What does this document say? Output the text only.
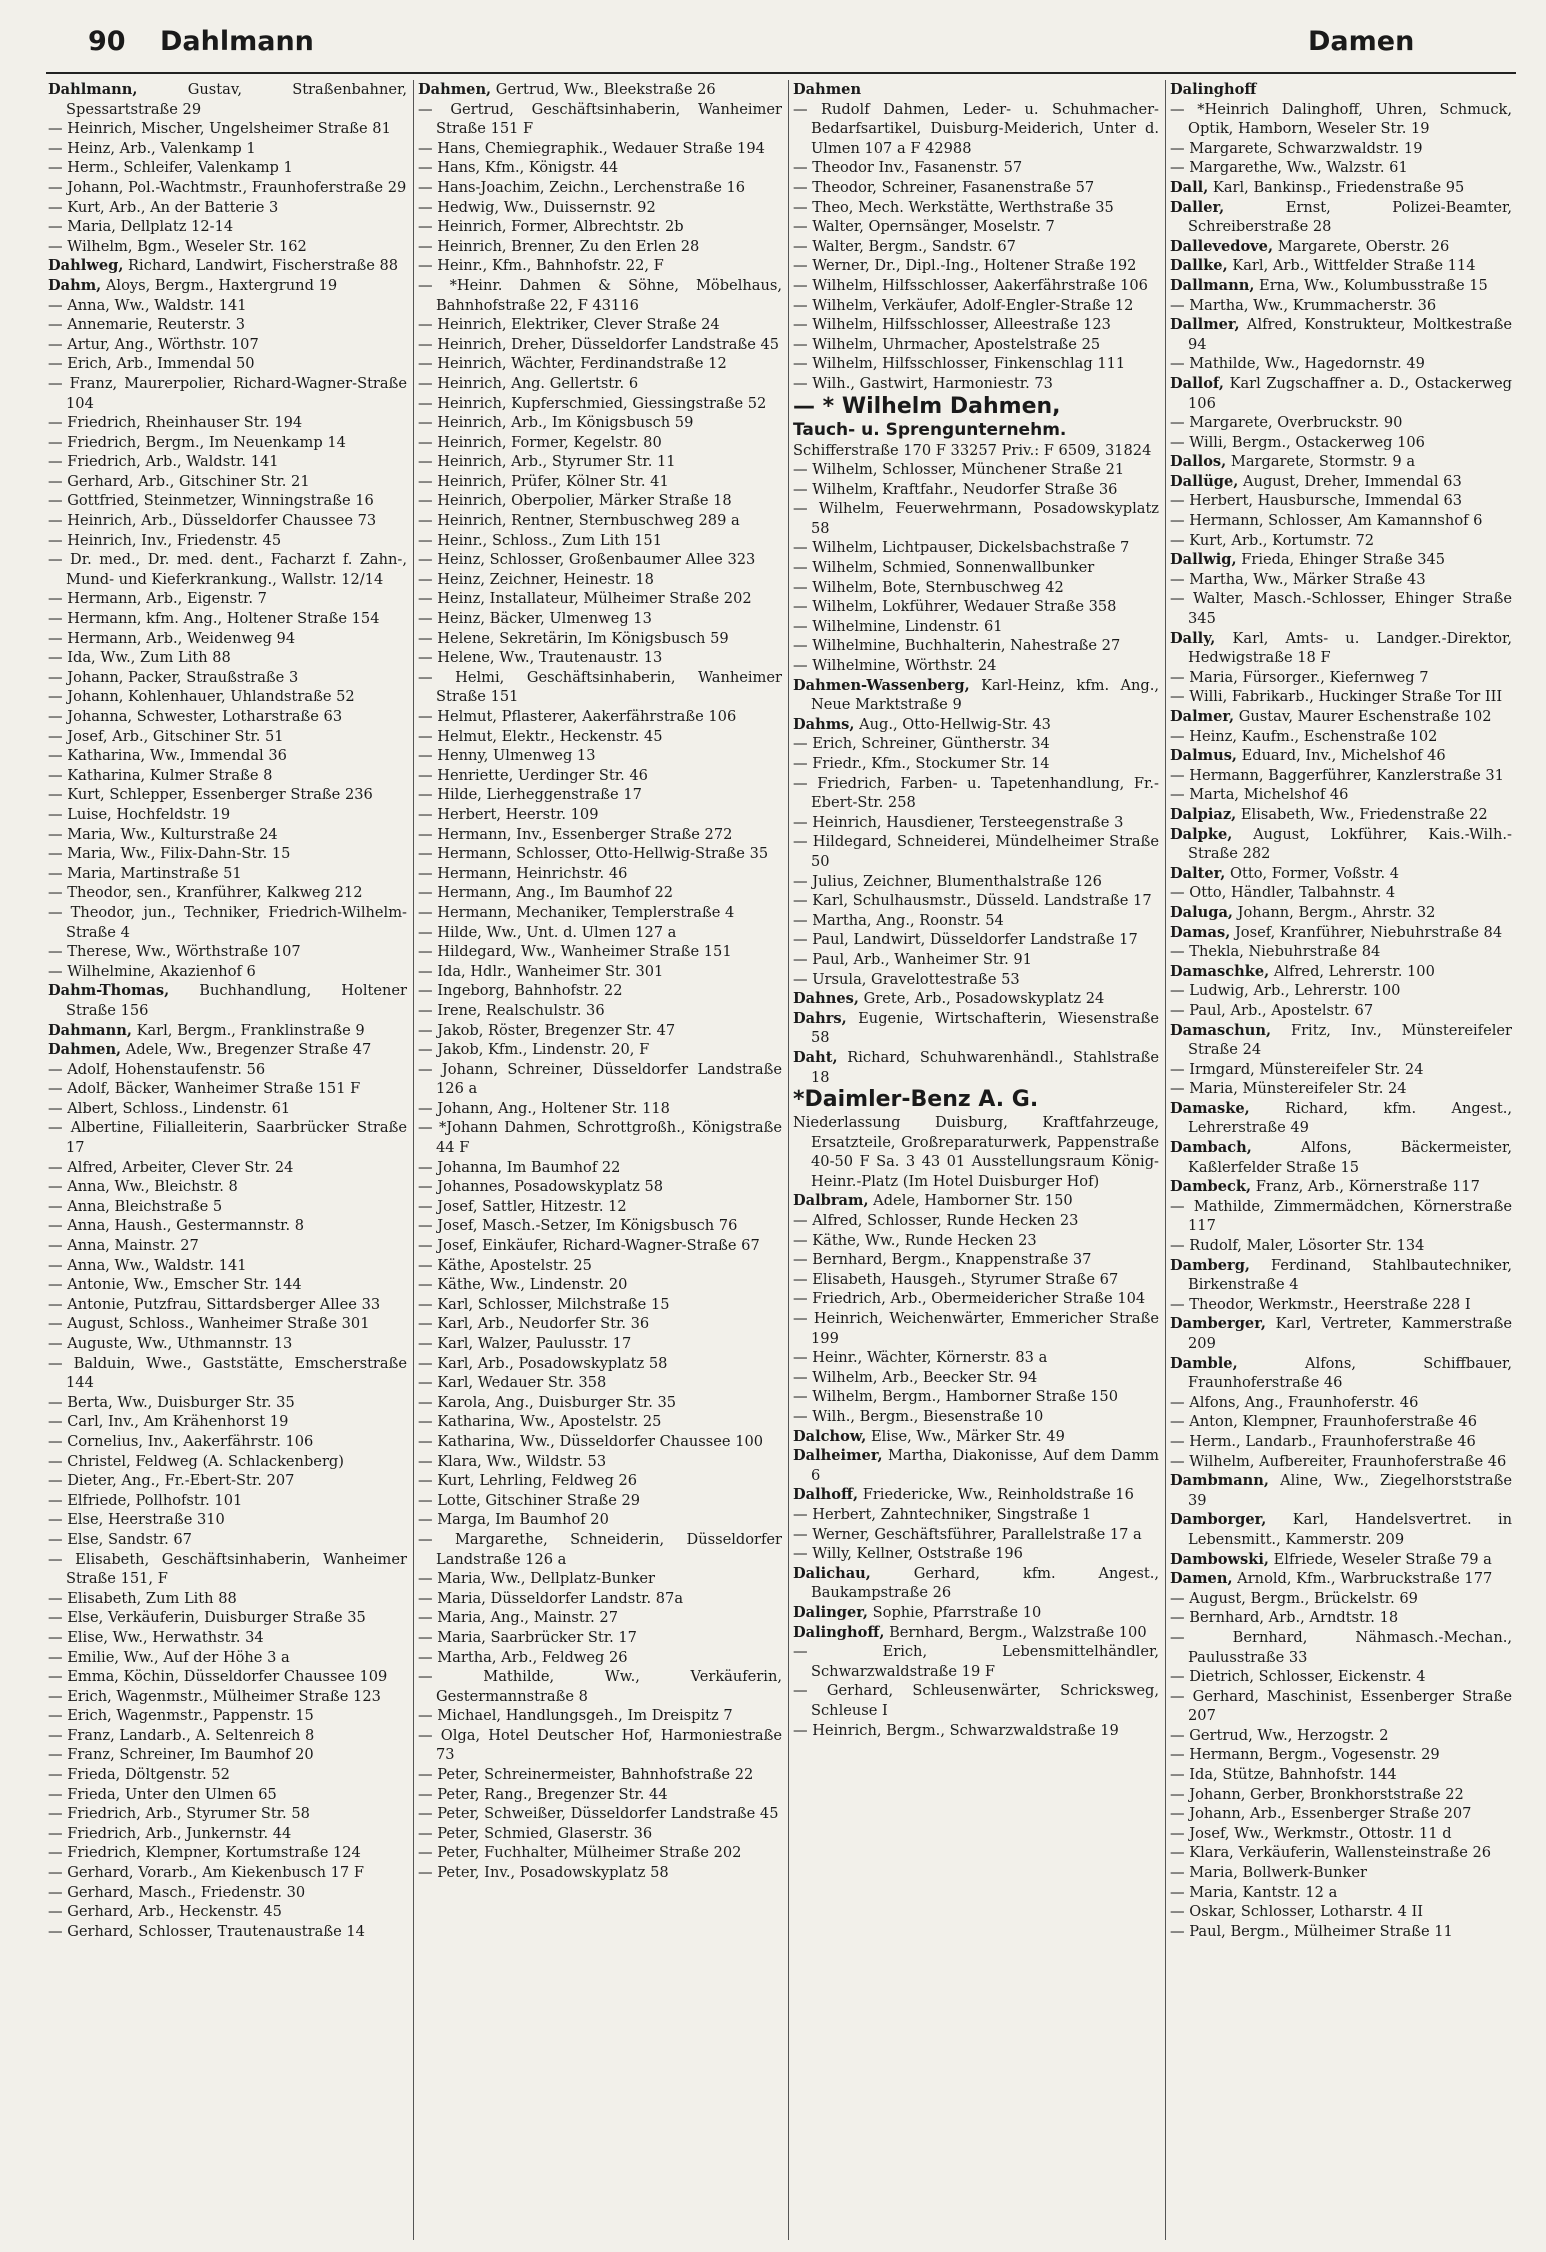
90 Dahlmann	Damen

Dahlmann,	Gustav, Straßenbahner, Spessartstraße 29

— Heinrich, Mischer, Ungelsheimer Straße 81

— Heinz, Arb., Valenkamp 1

— Herm., Schleifer, Valenkamp 1

— Johann, Pol.-Wachtmstr., Fraunhoferstraße 29

— Kurt, Arb., An der Batterie 3

— Maria, Dellplatz 12-14

— Wilhelm, Bgm., Weseler Str. 162

Dahlweg, Richard, Landwirt, Fischerstraße 88

Dahm, Aloys, Bergm., Haxtergrund 19

— Anna, Ww., Waldstr. 141

— Annemarie, Reuterstr. 3

— Artur, Ang., Wörthstr. 107

— Erich, Arb., Immendal 50

— Franz, Maurerpolier, Richard-Wagner-Straße 104

— Friedrich, Rheinhauser Str. 194

— Friedrich, Bergm., Im Neuenkamp 14

— Friedrich, Arb., Waldstr. 141

— Gerhard, Arb., Gitschiner Str. 21

— Gottfried, Steinmetzer, Winningstraße 16

— Heinrich, Arb., Düsseldorfer Chaussee 73

— Heinrich, Inv., Friedenstr. 45

— Dr. med., Dr. med. dent., Facharzt f. Zahn-, Mund- und Kieferkrankung., Wallstr. 12/14

— Hermann, Arb., Eigenstr. 7

— Hermann, kfm. Ang., Holtener Straße 154

— Hermann, Arb., Weidenweg 94

— Ida, Ww., Zum Lith 88

— Johann, Packer, Straußstraße 3

— Johann, Kohlenhauer, Uhlandstraße 52

— Johanna, Schwester, Lotharstraße 63

— Josef, Arb., Gitschiner Str. 51

— Katharina, Ww., Immendal 36

— Katharina, Kulmer Straße 8

— Kurt, Schlepper, Essenberger Straße 236

— Luise, Hochfeldstr. 19

— Maria, Ww., Kulturstraße 24

— Maria, Ww., Filix-Dahn-Str. 15

— Maria, Martinstraße 51

— Theodor, sen., Kranführer, Kalkweg 212

— Theodor, jun., Techniker, Friedrich-Wilhelm-Straße 4

— Therese, Ww., Wörthstraße 107

— Wilhelmine, Akazienhof 6

Dahm-Thomas, Buchhandlung, Holtener Straße 156

Dahmann, Karl, Bergm., Franklinstraße 9

Dahmen, Adele, Ww., Bregenzer Straße 47

— Adolf, Hohenstaufenstr. 56

— Adolf, Bäcker, Wanheimer Straße 151 F

— Albert, Schloss., Lindenstr. 61

— Albertine, Filialleiterin, Saarbrücker Straße 17

— Alfred, Arbeiter, Clever Str. 24

— Anna, Ww., Bleichstr. 8

— Anna, Bleichstraße 5

— Anna, Haush., Gestermannstr. 8

— Anna, Mainstr. 27

— Anna, Ww., Waldstr. 141

— Antonie, Ww., Emscher Str. 144

— Antonie, Putzfrau, Sittardsberger Allee 33

— August, Schloss., Wanheimer Straße 301

— Auguste, Ww., Uthmannstr. 13

— Balduin, Wwe., Gaststätte, Emscherstraße 144

— Berta, Ww., Duisburger Str. 35

— Carl, Inv., Am Krähenhorst 19

— Cornelius, Inv., Aakerfährstr. 106

— Christel, Feldweg (A. Schlackenberg)

— Dieter, Ang., Fr.-Ebert-Str. 207

— Elfriede, Pollhofstr. 101

— Else, Heerstraße 310

— Else, Sandstr. 67

— Elisabeth, Geschäftsinhaberin, Wanheimer Straße 151, F

— Elisabeth, Zum Lith 88

— Else, Verkäuferin, Duisburger Straße 35

— Elise, Ww., Herwathstr. 34

— Emilie, Ww., Auf der Höhe 3 a

— Emma, Köchin, Düsseldorfer Chaussee 109

— Erich, Wagenmstr., Mülheimer Straße 123

— Erich, Wagenmstr., Pappenstr. 15

— Franz, Landarb., A. Seltenreich 8

— Franz, Schreiner, Im Baumhof 20

— Frieda, Döltgenstr. 52

— Frieda, Unter den Ulmen 65

— Friedrich, Arb., Styrumer Str. 58

— Friedrich, Arb., Junkernstr. 44

— Friedrich, Klempner, Kortumstraße 124

— Gerhard, Vorarb., Am Kiekenbusch 17 F

— Gerhard, Masch., Friedenstr. 30

— Gerhard, Arb., Heckenstr. 45

— Gerhard, Schlosser, Trautenaustraße 14

Dahmen, Gertrud, Ww., Bleekstraße 26

— Gertrud, Geschäftsinhaberin, Wanheimer Straße 151 F

— Hans, Chemiegraphik., Wedauer Straße 194

— Hans, Kfm., Königstr. 44

— Hans-Joachim, Zeichn., Lerchenstraße 16

— Hedwig, Ww., Duissernstr. 92

— Heinrich, Former, Albrechtstr. 2b

— Heinrich, Brenner, Zu den Erlen 28

— Heinr., Kfm., Bahnhofstr. 22, F

— *Heinr. Dahmen & Söhne, Möbelhaus, Bahnhofstraße 22, F 43116

— Heinrich, Elektriker, Clever Straße 24

— Heinrich, Dreher, Düsseldorfer Landstraße 45

— Heinrich, Wächter, Ferdinandstraße 12

— Heinrich, Ang. Gellertstr. 6

— Heinrich, Kupferschmied, Giessingstraße 52

— Heinrich, Arb., Im Königsbusch 59

— Heinrich, Former, Kegelstr. 80

— Heinrich, Arb., Styrumer Str. 11

— Heinrich, Prüfer, Kölner Str. 41

— Heinrich, Oberpolier, Märker Straße 18

— Heinrich, Rentner, Sternbuschweg 289 a

— Heinr., Schloss., Zum Lith 151

— Heinz, Schlosser, Großenbaumer Allee 323

— Heinz, Zeichner, Heinestr. 18

— Heinz, Installateur, Mülheimer Straße 202

— Heinz, Bäcker, Ulmenweg 13

— Helene, Sekretärin, Im Königsbusch 59

— Helene, Ww., Trautenaustr. 13

— Helmi, Geschäftsinhaberin, Wanheimer Straße 151

— Helmut, Pflasterer, Aakerfährstraße 106

— Helmut, Elektr., Heckenstr. 45

— Henny, Ulmenweg 13

— Henriette, Uerdinger Str. 46

— Hilde, Lierheggenstraße 17

— Herbert, Heerstr. 109

— Hermann, Inv., Essenberger Straße 272

— Hermann, Schlosser, Otto-Hellwig-Straße 35

— Hermann, Heinrichstr. 46

— Hermann, Ang., Im Baumhof 22

— Hermann, Mechaniker, Templerstraße 4

— Hilde, Ww., Unt. d. Ulmen 127 a

— Hildegard, Ww., Wanheimer Straße 151

— Ida, Hdlr., Wanheimer Str. 301

— Ingeborg, Bahnhofstr. 22

— Irene, Realschulstr. 36

— Jakob, Röster, Bregenzer Str. 47

— Jakob, Kfm., Lindenstr. 20, F

— Johann, Schreiner, Düsseldorfer Landstraße 126 a

— Johann, Ang., Holtener Str. 118

— *Johann Dahmen, Schrottgroßh., Königstraße 44 F

— Johanna, Im Baumhof 22

— Johannes, Posadowskyplatz 58

— Josef, Sattler, Hitzestr. 12

— Josef, Masch.-Setzer, Im Königsbusch 76

— Josef, Einkäufer, Richard-Wagner-Straße 67

— Käthe, Apostelstr. 25

— Käthe, Ww., Lindenstr. 20

— Karl, Schlosser, Milchstraße 15

— Karl, Arb., Neudorfer Str. 36

— Karl, Walzer, Paulusstr. 17

— Karl, Arb., Posadowskyplatz 58

— Karl, Wedauer Str. 358

— Karola, Ang., Duisburger Str. 35

— Katharina, Ww., Apostelstr. 25

— Katharina, Ww., Düsseldorfer Chaussee 100

— Klara, Ww., Wildstr. 53

— Kurt, Lehrling, Feldweg 26

— Lotte, Gitschiner Straße 29

— Marga, Im Baumhof 20

— Margarethe, Schneiderin, Düsseldorfer Landstraße 126 a

— Maria, Ww., Dellplatz-Bunker

— Maria, Düsseldorfer Landstr. 87a

— Maria, Ang., Mainstr. 27

— Maria, Saarbrücker Str. 17

— Martha, Arb., Feldweg 26

— Mathilde, Ww., Verkäuferin, Gestermannstraße 8

— Michael, Handlungsgeh., Im Dreispitz 7

— Olga, Hotel Deutscher Hof, Harmoniestraße 73

— Peter, Schreinermeister, Bahnhofstraße 22

— Peter, Rang., Bregenzer Str. 44

— Peter, Schweißer, Düsseldorfer Landstraße 45

— Peter, Schmied, Glaserstr. 36

— Peter, Fuchhalter, Mülheimer Straße 202

— Peter, Inv., Posadowskyplatz 58

Dahmen

— Rudolf Dahmen, Leder- u. Schuhmacher-Bedarfsartikel, Duisburg-Meiderich, Unter d. Ulmen 107 a F 42988

— Theodor Inv., Fasanenstr. 57

— Theodor, Schreiner, Fasanenstraße 57

— Theo, Mech. Werkstätte, Werthstraße 35

— Walter, Opernsänger, Moselstr. 7

— Walter, Bergm., Sandstr. 67

— Werner, Dr., Dipl.-Ing., Holtener Straße 192

— Wilhelm, Hilfsschlosser, Aakerfährstraße 106

— Wilhelm, Verkäufer, Adolf-Engler-Straße 12

— Wilhelm, Hilfsschlosser, Alleestraße 123

— Wilhelm, Uhrmacher, Apostelstraße 25

— Wilhelm, Hilfsschlosser, Finkenschlag 111

— Wilh., Gastwirt, Harmoniestr. 73

— * Wilhelm Dahmen,

Tauch- u. Sprengunternehm.

Schifferstraße 170 F 33257 Priv.: F 6509, 31824

— Wilhelm, Schlosser, Münchener Straße 21

— Wilhelm, Kraftfahr., Neudorfer Straße 36

— Wilhelm, Feuerwehrmann, Posadowskyplatz 58

— Wilhelm, Lichtpauser, Dickelsbachstraße 7

— Wilhelm, Schmied, Sonnenwallbunker

— Wilhelm, Bote, Sternbuschweg 42

— Wilhelm, Lokführer, Wedauer Straße 358

— Wilhelmine, Lindenstr. 61

— Wilhelmine, Buchhalterin, Nahestraße 27

— Wilhelmine, Wörthstr. 24

Dahmen-Wassenberg, Karl-Heinz, kfm. Ang., Neue Marktstraße 9

Dahms, Aug., Otto-Hellwig-Str. 43

— Erich, Schreiner, Güntherstr. 34

— Friedr., Kfm., Stockumer Str. 14

— Friedrich, Farben- u. Tapetenhandlung, Fr.-Ebert-Str. 258

— Heinrich, Hausdiener, Tersteegenstraße 3

— Hildegard, Schneiderei, Mündelheimer Straße 50

— Julius, Zeichner, Blumenthalstraße 126

— Karl, Schulhausmstr., Düsseld. Landstraße 17

— Martha, Ang., Roonstr. 54

— Paul, Landwirt, Düsseldorfer Landstraße 17

— Paul, Arb., Wanheimer Str. 91

— Ursula, Gravelottestraße 53

Dahnes, Grete, Arb., Posadowskyplatz 24

Dahrs, Eugenie, Wirtschafterin, Wiesenstraße 58

Daht, Richard, Schuhwarenhändl., Stahlstraße 18

*Daimler-Benz A. G.

Niederlassung Duisburg, Kraftfahrzeuge, Ersatzteile, Großreparaturwerk, Pappenstraße 40-50 F Sa. 3 43 01 Ausstellungsraum König-Heinr.-Platz (Im Hotel Duisburger Hof)

Dalbram, Adele, Hamborner Str. 150

— Alfred, Schlosser, Runde Hecken 23

— Käthe, Ww., Runde Hecken 23

— Bernhard, Bergm., Knappenstraße 37

— Elisabeth, Hausgeh., Styrumer Straße 67

— Friedrich, Arb., Obermeidericher Straße 104

— Heinrich, Weichenwärter, Emmericher Straße 199

— Heinr., Wächter, Körnerstr. 83 a

— Wilhelm, Arb., Beecker Str. 94

— Wilhelm, Bergm., Hamborner Straße 150

— Wilh., Bergm., Biesenstraße 10

Dalchow, Elise, Ww., Märker Str. 49

Dalheimer, Martha, Diakonisse, Auf dem Damm 6

Dalhoff, Friedericke, Ww., Reinholdstraße 16

— Herbert, Zahntechniker, Singstraße 1

— Werner, Geschäftsführer, Parallelstraße 17 a

— Willy, Kellner, Oststraße 196

Dalichau,	Gerhard, kfm. Angest., Baukampstraße 26

Dalinger, Sophie, Pfarrstraße 10

Dalinghoff, Bernhard, Bergm., Walzstraße 100

— Erich, Lebensmittelhändler, Schwarzwaldstraße 19 F

— Gerhard, Schleusenwärter, Schricksweg, Schleuse I

— Heinrich, Bergm., Schwarzwaldstraße 19

Dalinghoff

— *Heinrich Dalinghoff, Uhren, Schmuck, Optik, Hamborn, Weseler Str. 19

— Margarete, Schwarzwaldstr. 19

— Margarethe, Ww., Walzstr. 61

Dall, Karl, Bankinsp., Friedenstraße 95

Daller,	Ernst, Polizei-Beamter, Schreiberstraße 28

Dallevedove, Margarete, Oberstr. 26

Dallke, Karl, Arb., Wittfelder Straße 114

Dallmann, Erna, Ww., Kolumbusstraße 15

— Martha, Ww., Krummacherstr. 36

Dallmer, Alfred, Konstrukteur, Moltkestraße 94

— Mathilde, Ww., Hagedornstr. 49

Dallof, Karl Zugschaffner a. D., Ostackerweg 106

— Margarete, Overbruckstr. 90

— Willi, Bergm., Ostackerweg 106

Dallos, Margarete, Stormstr. 9 a

Dallüge, August, Dreher, Immendal 63

— Herbert, Hausbursche, Immendal 63

— Hermann, Schlosser, Am Kamannshof 6

— Kurt, Arb., Kortumstr. 72

Dallwig, Frieda, Ehinger Straße 345

— Martha, Ww., Märker Straße 43

— Walter, Masch.-Schlosser, Ehinger Straße 345

Dally, Karl, Amts- u. Landger.-Direktor, Hedwigstraße 18 F

— Maria, Fürsorger., Kiefernweg 7

— Willi, Fabrikarb., Huckinger Straße Tor III

Dalmer, Gustav, Maurer Eschenstraße 102

— Heinz, Kaufm., Eschenstraße 102

Dalmus, Eduard, Inv., Michelshof 46

— Hermann, Baggerführer, Kanzlerstraße 31

— Marta, Michelshof 46

Dalpiaz, Elisabeth, Ww., Friedenstraße 22

Dalpke, August, Lokführer, Kais.-Wilh.-Straße 282

Dalter, Otto, Former, Voßstr. 4

— Otto, Händler, Talbahnstr. 4

Daluga, Johann, Bergm., Ahrstr. 32

Damas, Josef, Kranführer, Niebuhrstraße 84

— Thekla, Niebuhrstraße 84

Damaschke, Alfred, Lehrerstr. 100

— Ludwig, Arb., Lehrerstr. 100

— Paul, Arb., Apostelstr. 67

Damaschun, Fritz, Inv., Münstereifeler Straße 24

— Irmgard, Münstereifeler Str. 24

— Maria, Münstereifeler Str. 24

Damaske, Richard, kfm. Angest., Lehrerstraße 49

Dambach,	Alfons, Bäckermeister, Kaßlerfelder Straße 15

Dambeck, Franz, Arb., Körnerstraße 117

— Mathilde, Zimmermädchen, Körnerstraße 117

— Rudolf, Maler, Lösorter Str. 134

Damberg, Ferdinand, Stahlbautechniker, Birkenstraße 4

— Theodor, Werkmstr., Heerstraße 228 I

Damberger, Karl, Vertreter, Kammerstraße 209

Damble,	Alfons, Schiffbauer, Fraunhoferstraße 46

— Alfons, Ang., Fraunhoferstr. 46

— Anton, Klempner, Fraunhoferstraße 46

— Herm., Landarb., Fraunhoferstraße 46

— Wilhelm, Aufbereiter, Fraunhoferstraße 46

Dambmann, Aline, Ww., Ziegelhorststraße 39

Damborger, Karl, Handelsvertret. in Lebensmitt., Kammerstr. 209

Dambowski, Elfriede, Weseler Straße 79 a

Damen, Arnold, Kfm., Warbruckstraße 177

— August, Bergm., Brückelstr. 69

— Bernhard, Arb., Arndtstr. 18

— Bernhard, Nähmasch.-Mechan., Paulusstraße 33

— Dietrich, Schlosser, Eickenstr. 4

— Gerhard, Maschinist, Essenberger Straße 207

— Gertrud, Ww., Herzogstr. 2

— Hermann, Bergm., Vogesenstr. 29

— Ida, Stütze, Bahnhofstr. 144

— Johann, Gerber, Bronkhorststraße 22

— Johann, Arb., Essenberger Straße 207

— Josef, Ww., Werkmstr., Ottostr. 11 d

— Klara, Verkäuferin, Wallensteinstraße 26

— Maria, Bollwerk-Bunker

— Maria, Kantstr. 12 a

— Oskar, Schlosser, Lotharstr. 4 II

— Paul, Bergm., Mülheimer Straße 11
